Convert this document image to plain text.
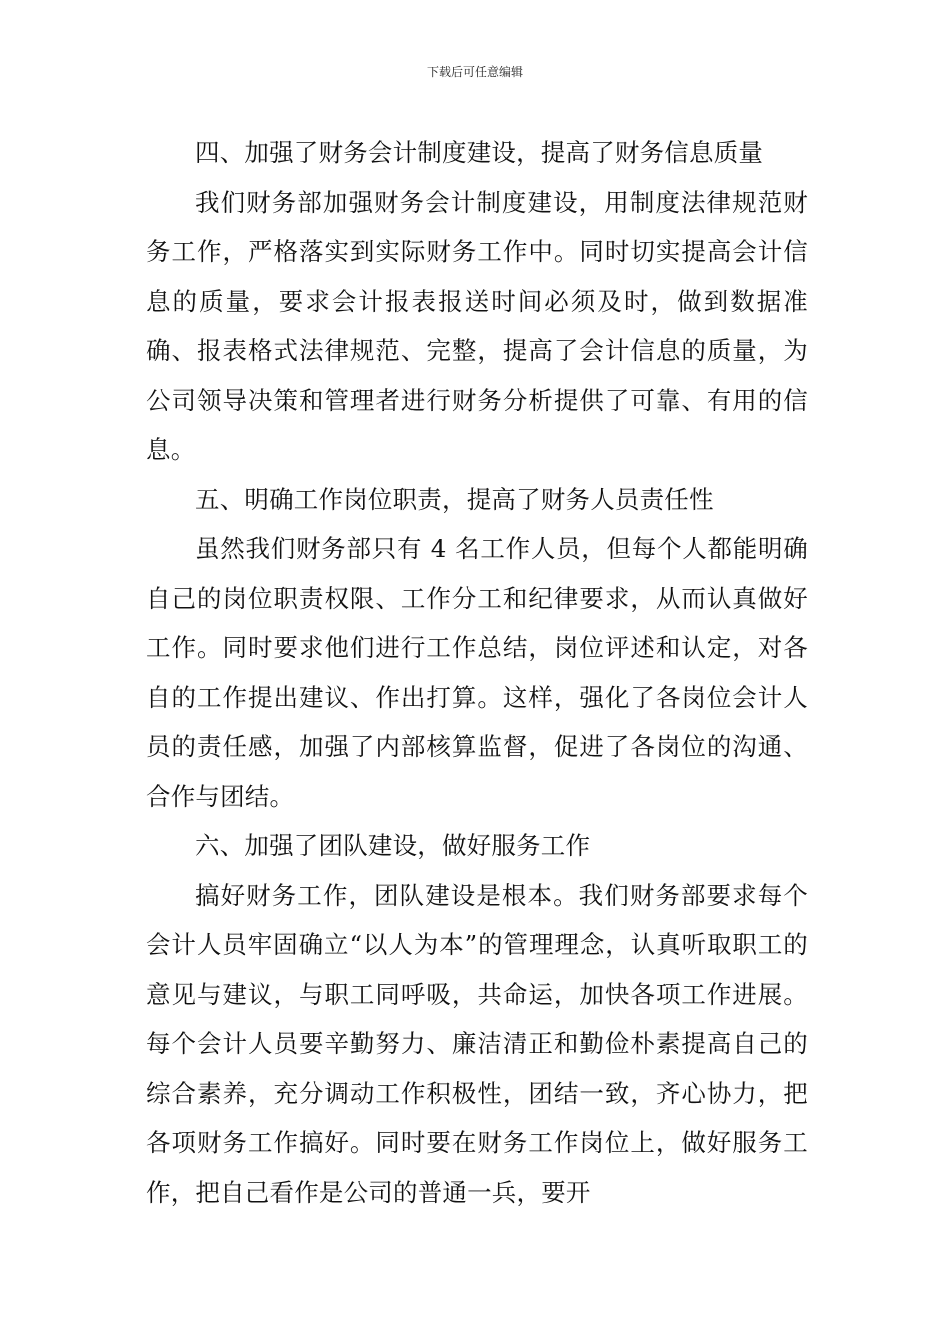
下载后可任意编辑

四、加强了财务会计制度建设，提高了财务信息质量

我们财务部加强财务会计制度建设，用制度法律规范财务工作，严格落实到实际财务工作中。同时切实提高会计信息的质量，要求会计报表报送时间必须及时，做到数据准确、报表格式法律规范、完整，提高了会计信息的质量，为公司领导决策和管理者进行财务分析提供了可靠、有用的信息。

五、明确工作岗位职责，提高了财务人员责任性

虽然我们财务部只有 4 名工作人员，但每个人都能明确自己的岗位职责权限、工作分工和纪律要求，从而认真做好工作。同时要求他们进行工作总结，岗位评述和认定，对各自的工作提出建议、作出打算。这样，强化了各岗位会计人员的责任感，加强了内部核算监督，促进了各岗位的沟通、合作与团结。

六、加强了团队建设，做好服务工作

搞好财务工作，团队建设是根本。我们财务部要求每个会计人员牢固确立“以人为本”的管理理念，认真听取职工的意见与建议，与职工同呼吸，共命运，加快各项工作进展。每个会计人员要辛勤努力、廉洁清正和勤俭朴素提高自己的综合素养，充分调动工作积极性，团结一致，齐心协力，把各项财务工作搞好。同时要在财务工作岗位上，做好服务工作，把自己看作是公司的普通一兵，要开
